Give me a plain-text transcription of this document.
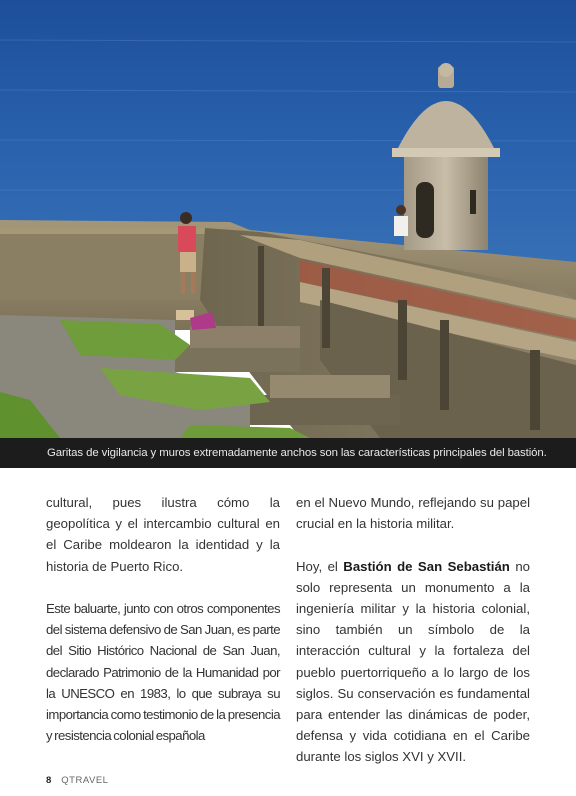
Garitas de vigilancia y muros extremadamente anchos son las características principales del bastión.

cultural, pues ilustra cómo la geopolítica y el intercambio cultural en el Caribe moldearon la identidad y la historia de Puerto Rico.

Este baluarte, junto con otros componentes del sistema defensivo de San Juan, es parte del Sitio Histórico Nacional de San Juan, declarado Patrimonio de la Humanidad por la UNESCO en 1983, lo que subraya su importancia como testimonio de la presencia y resistencia colonial española

en el Nuevo Mundo, reflejando su papel crucial en la historia militar.

Hoy, el Bastión de San Sebastián no solo representa un monumento a la ingeniería militar y la historia colonial, sino también un símbolo de la interacción cultural y la fortaleza del pueblo puertorriqueño a lo largo de los siglos. Su conservación es fundamental para entender las dinámicas de poder, defensa y vida cotidiana en el Caribe durante los siglos XVI y XVII.

8 QTRAVEL
